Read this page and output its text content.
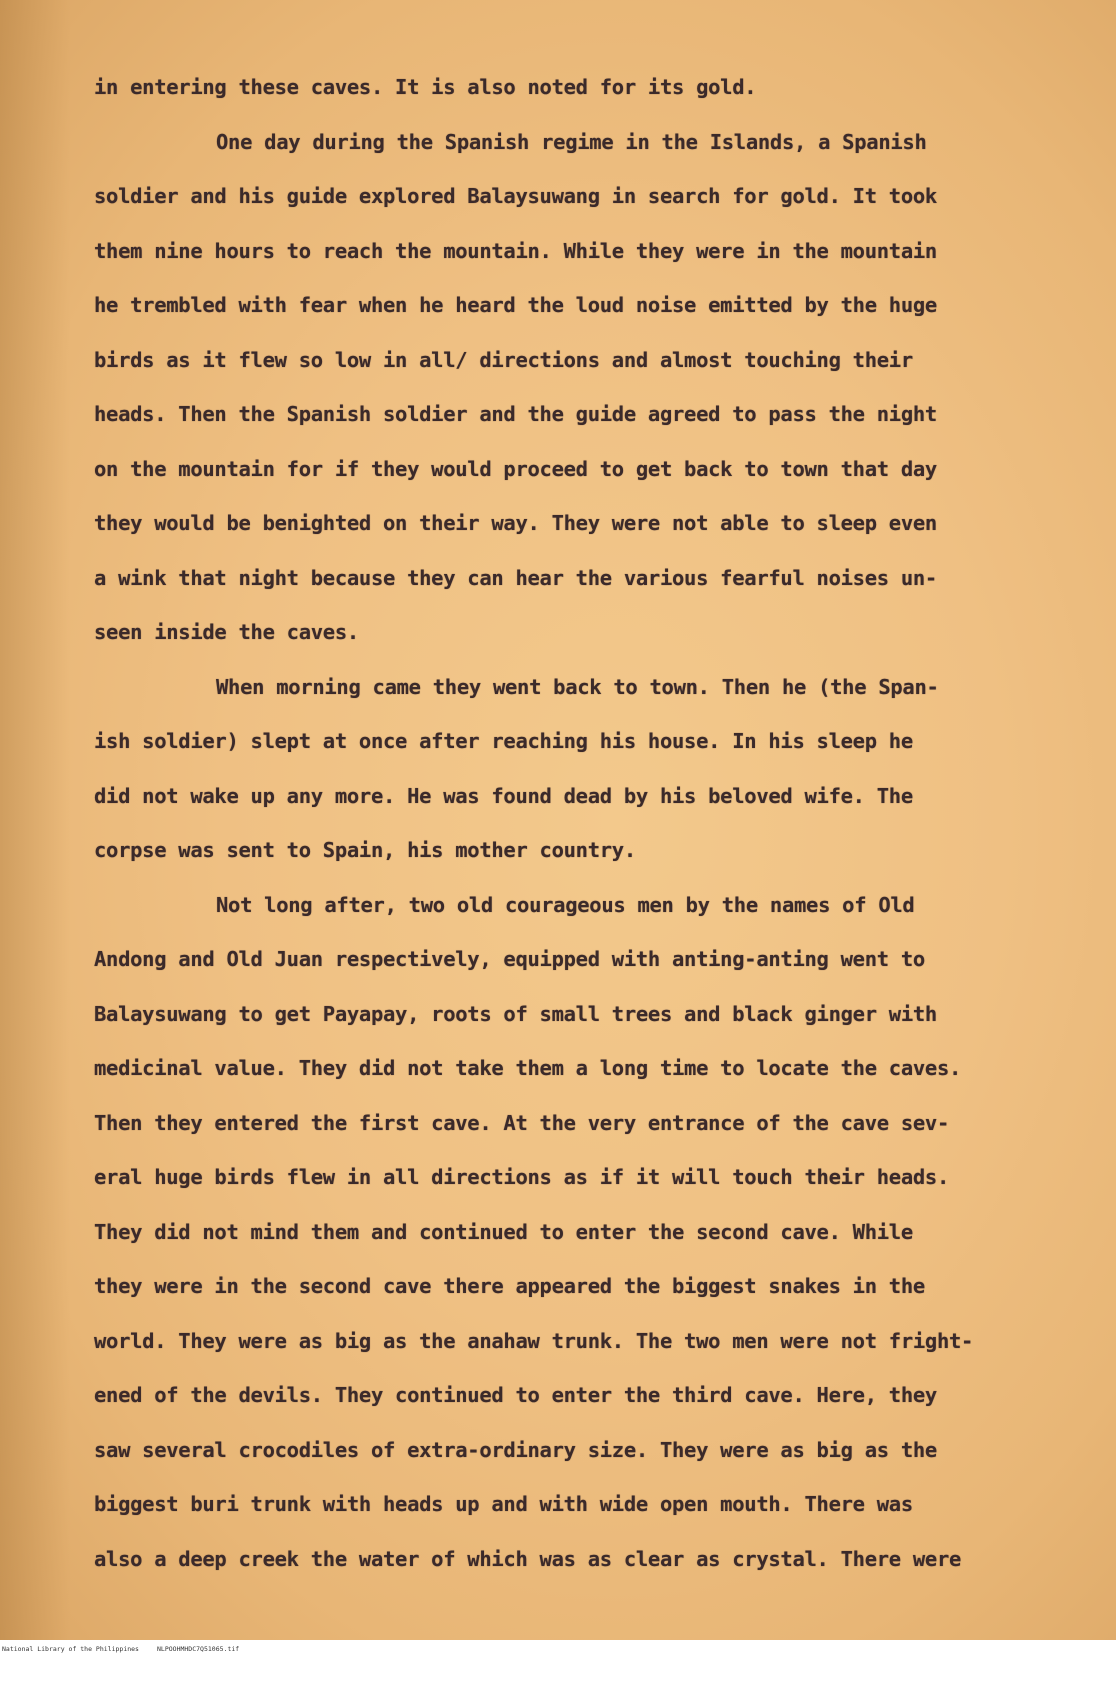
in entering these caves. It is also noted for its gold.
One day during the Spanish regime in the Islands, a Spanish
soldier and his guide explored Balaysuwang in search for gold. It took
them nine hours to reach the mountain. While they were in the mountain
he trembled with fear when he heard the loud noise emitted by the huge
birds as it flew so low in all/ directions and almost touching their
heads. Then the Spanish soldier and the guide agreed to pass the night
on the mountain for if they would proceed to get back to town that day
they would be benighted on their way. They were not able to sleep even
a wink that night because they can hear the various fearful noises un-
seen inside the caves.
When morning came they went back to town. Then he (the Span-
ish soldier) slept at once after reaching his house. In his sleep he
did not wake up any more. He was found dead by his beloved wife. The
corpse was sent to Spain, his mother country.
Not long after, two old courageous men by the names of Old
Andong and Old Juan respectively, equipped with anting-anting went to
Balaysuwang to get Payapay, roots of small trees and black ginger with
medicinal value. They did not take them a long time to locate the caves.
Then they entered the first cave. At the very entrance of the cave sev-
eral huge birds flew in all directions as if it will touch their heads.
They did not mind them and continued to enter the second cave. While
they were in the second cave there appeared the biggest snakes in the
world. They were as big as the anahaw trunk. The two men were not fright-
ened of the devils. They continued to enter the third cave. Here, they
saw several crocodiles of extra-ordinary size. They were as big as the
biggest buri trunk with heads up and with wide open mouth. There was
also a deep creek the water of which was as clear as crystal. There were

National Library of the Philippines

	NLPOOHMHDC7Q51065.tif
